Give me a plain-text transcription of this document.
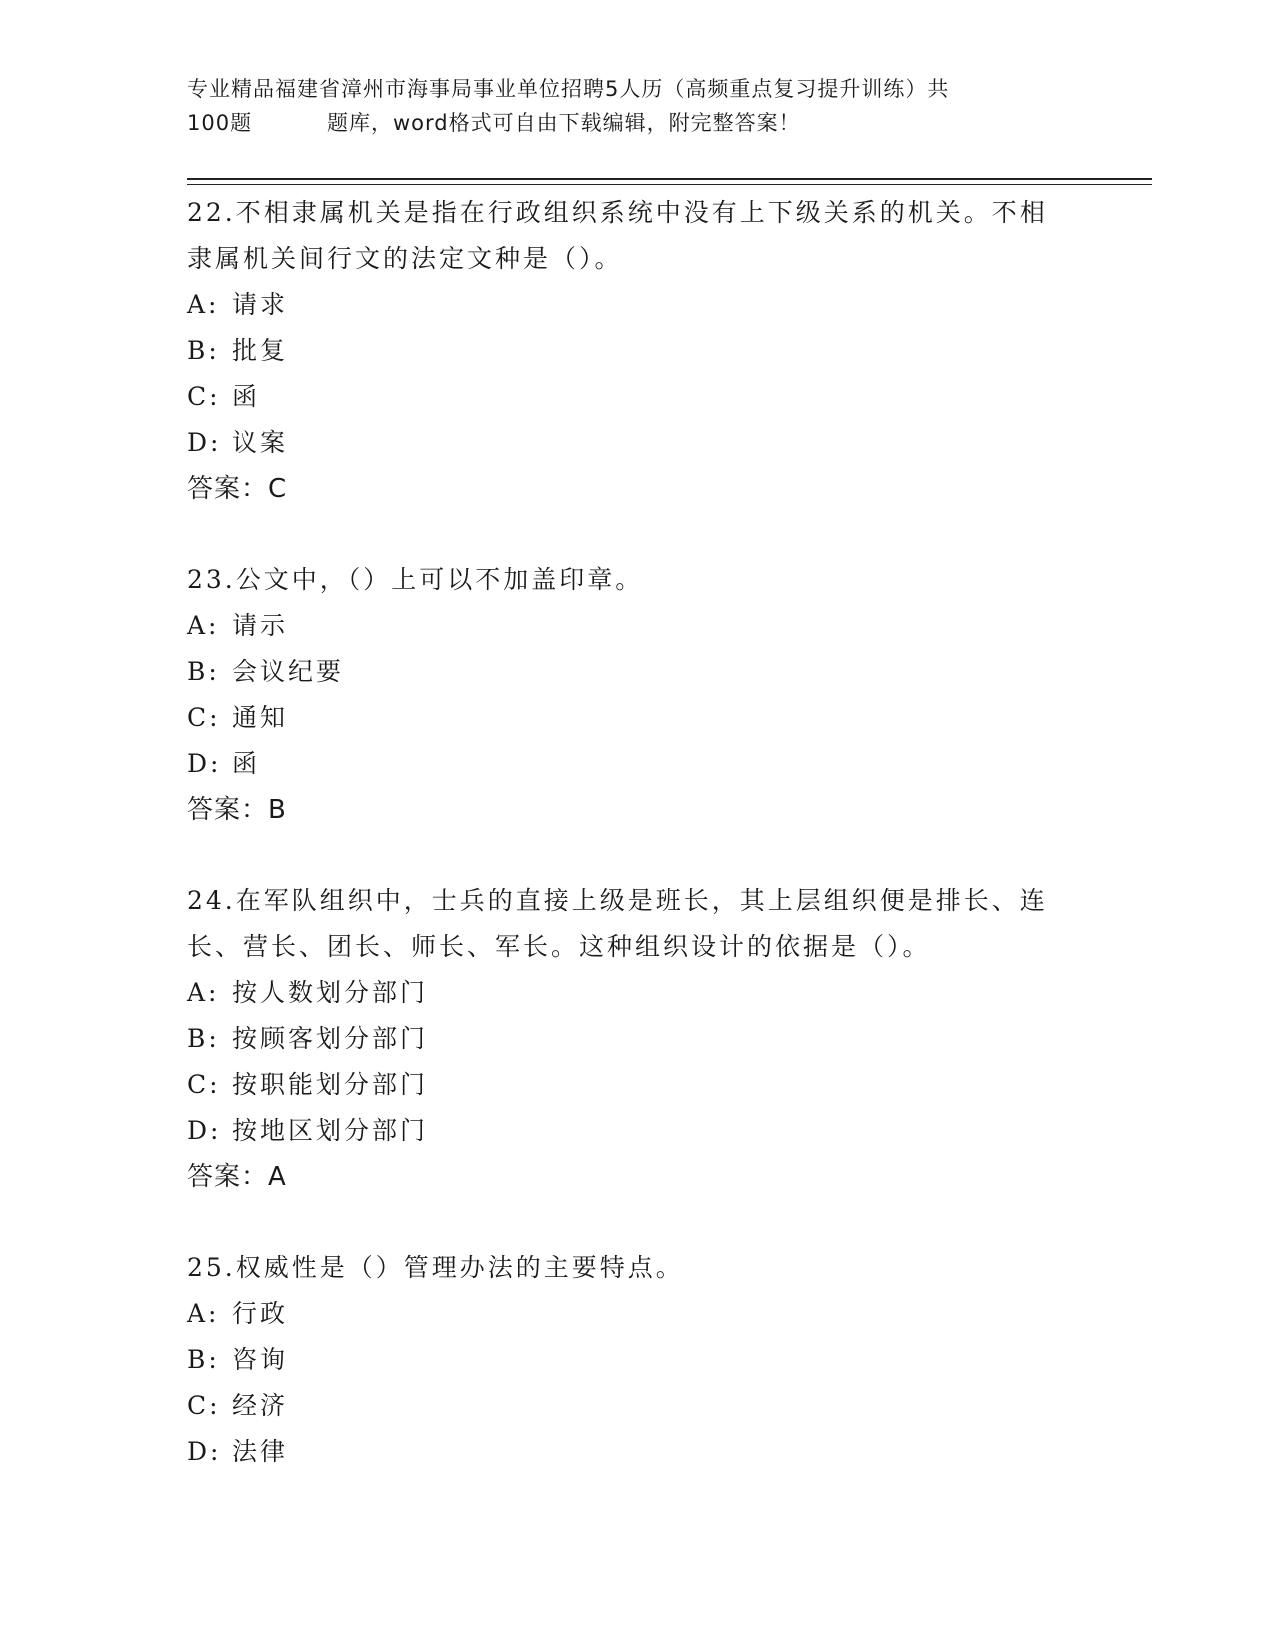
专业精品福建省漳州市海事局事业单位招聘5人历（高频重点复习提升训练）共
100题	题库，word格式可自由下载编辑，附完整答案！

22.不相隶属机关是指在行政组织系统中没有上下级关系的机关。不相

隶属机关间行文的法定文种是（）。

A: 请求

B: 批复

C: 函

D: 议案

答案：C

23.公文中，（）上可以不加盖印章。

A: 请示

B: 会议纪要

C: 通知

D: 函

答案：B

24.在军队组织中，士兵的直接上级是班长，其上层组织便是排长、连

长、营长、团长、师长、军长。这种组织设计的依据是（）。

A: 按人数划分部门

B: 按顾客划分部门

C: 按职能划分部门

D: 按地区划分部门

答案：A

25.权威性是（）管理办法的主要特点。

A: 行政

B: 咨询

C: 经济

D: 法律
